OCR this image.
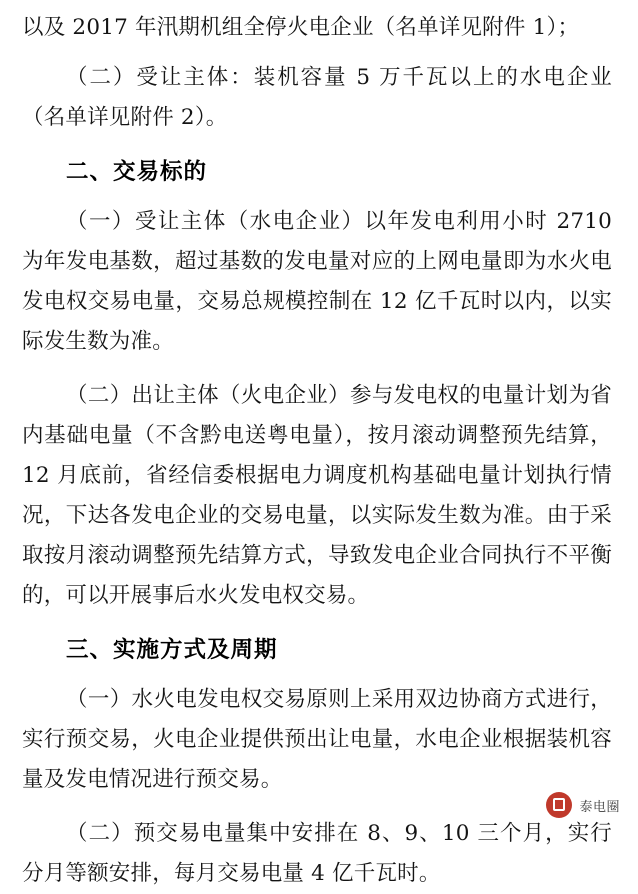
以及 2017 年汛期机组全停火电企业（名单详见附件 1）；

（二）受让主体：装机容量 5 万千瓦以上的水电企业（名单详见附件 2）。

二、交易标的

（一）受让主体（水电企业）以年发电利用小时 2710 为年发电基数，超过基数的发电量对应的上网电量即为水火电发电权交易电量，交易总规模控制在 12 亿千瓦时以内，以实际发生数为准。

（二）出让主体（火电企业）参与发电权的电量计划为省内基础电量（不含黔电送粤电量），按月滚动调整预先结算，12 月底前，省经信委根据电力调度机构基础电量计划执行情况，下达各发电企业的交易电量，以实际发生数为准。由于采取按月滚动调整预先结算方式，导致发电企业合同执行不平衡的，可以开展事后水火发电权交易。

三、实施方式及周期

（一）水火电发电权交易原则上采用双边协商方式进行，实行预交易，火电企业提供预出让电量，水电企业根据装机容量及发电情况进行预交易。

（二）预交易电量集中安排在 8、9、10 三个月，实行分月等额安排，每月交易电量 4 亿千瓦时。

泰电圈
